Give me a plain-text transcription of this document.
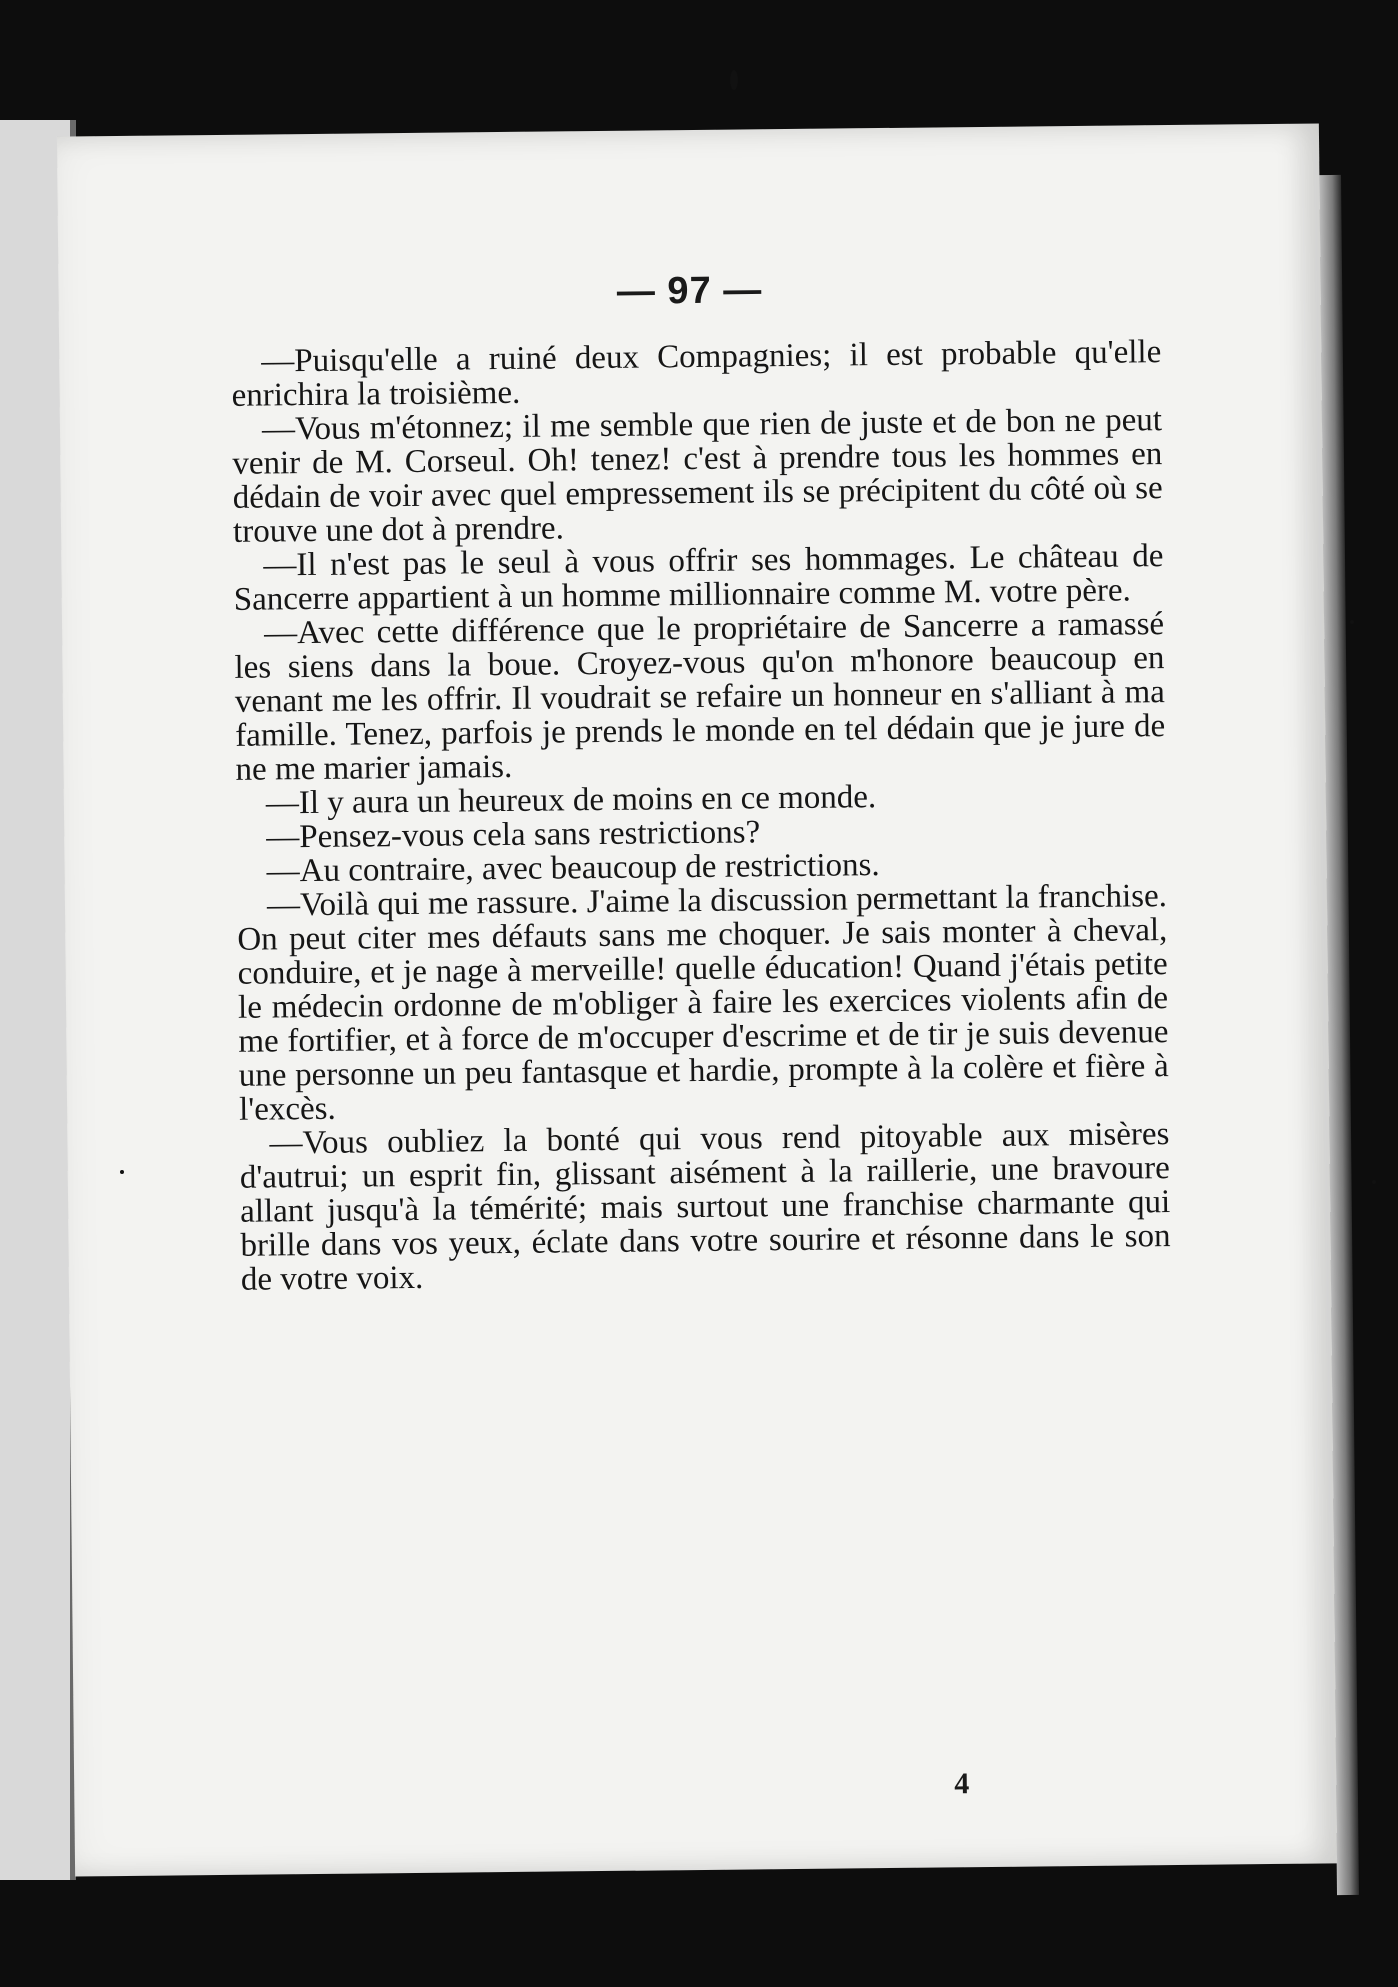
— 97 —

—Puisqu'elle a ruiné deux Compagnies; il est probable qu'elle enrichira la troisième.

—Vous m'étonnez; il me semble que rien de juste et de bon ne peut venir de M. Corseul. Oh! tenez! c'est à prendre tous les hommes en dédain de voir avec quel empressement ils se précipitent du côté où se trouve une dot à prendre.

—Il n'est pas le seul à vous offrir ses hommages. Le château de Sancerre appartient à un homme millionnaire comme M. votre père.

—Avec cette différence que le propriétaire de Sancerre a ramassé les siens dans la boue. Croyez-vous qu'on m'honore beaucoup en venant me les offrir. Il voudrait se refaire un honneur en s'alliant à ma famille. Tenez, parfois je prends le monde en tel dédain que je jure de ne me marier jamais.

—Il y aura un heureux de moins en ce monde.

—Pensez-vous cela sans restrictions?

—Au contraire, avec beaucoup de restrictions.

—Voilà qui me rassure. J'aime la discussion permettant la franchise. On peut citer mes défauts sans me choquer. Je sais monter à cheval, conduire, et je nage à merveille! quelle éducation! Quand j'étais petite le médecin ordonne de m'obliger à faire les exercices violents afin de me fortifier, et à force de m'occuper d'escrime et de tir je suis devenue une personne un peu fantasque et hardie, prompte à la colère et fière à l'excès.

—Vous oubliez la bonté qui vous rend pitoyable aux misères d'autrui; un esprit fin, glissant aisément à la raillerie, une bravoure allant jusqu'à la témérité; mais surtout une franchise charmante qui brille dans vos yeux, éclate dans votre sourire et résonne dans le son de votre voix.

4
